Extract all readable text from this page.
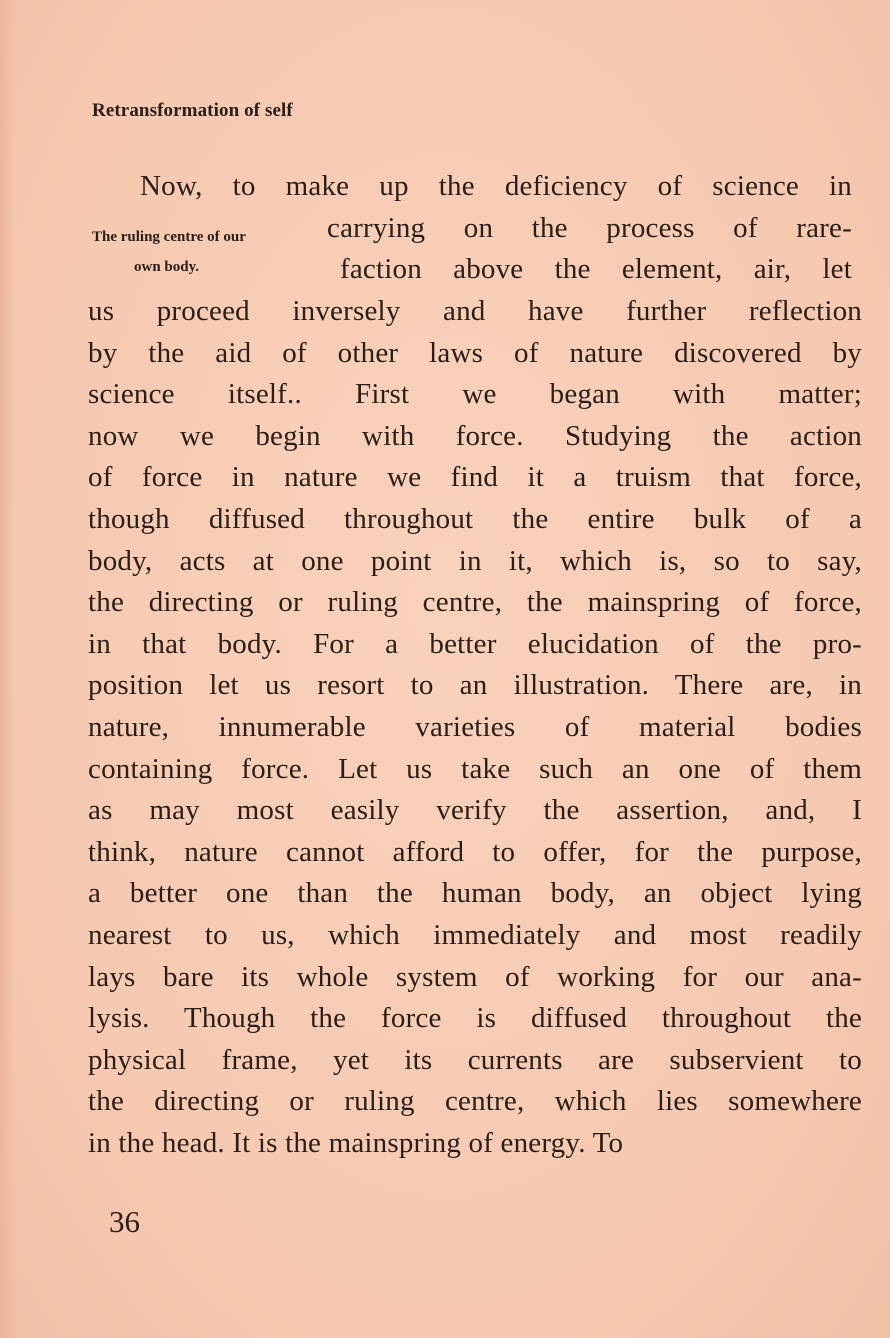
Retransformation of self
The ruling centre of our
own body.
Now, to make up the deficiency of science in
carrying on the process of rare-
faction above the element, air, let
us proceed inversely and have further reflection
by the aid of other laws of nature discovered by
science itself.. First we began with matter;
now we begin with force. Studying the action
of force in nature we find it a truism that force,
though diffused throughout the entire bulk of a
body, acts at one point in it, which is, so to say,
the directing or ruling centre, the mainspring of force,
in that body. For a better elucidation of the pro-
position let us resort to an illustration. There are, in
nature, innumerable varieties of material bodies
containing force. Let us take such an one of them
as may most easily verify the assertion, and, I
think, nature cannot afford to offer, for the purpose,
a better one than the human body, an object lying
nearest to us, which immediately and most readily
lays bare its whole system of working for our ana-
lysis. Though the force is diffused throughout the
physical frame, yet its currents are subservient to
the directing or ruling centre, which lies somewhere
in the head. It is the mainspring of energy. To
36
